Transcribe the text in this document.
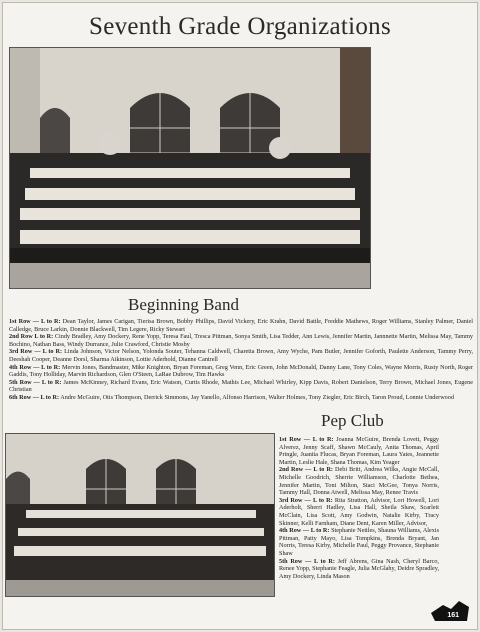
Seventh Grade Organizations
Beginning Band
1st Row — L to R: Dean Taylor, James Carigan, Tierisa Brown, Bobby Phillips, David Vickery, Eric Krahn, David Battle, Freddie Mathews, Roger Williams, Stanley Palmer, Daniel Calledge, Bruce Larkin, Donnie Blackwell, Tim Legere, Ricky Stewart
2nd Row L to R: Cindy Bradley, Amy Dockery, Rene Yopp, Teresa Faul, Tresca Pittman, Sonya Smith, Lisa Tedder, Ann Lewis, Jennifer Martin, Jannnette Martin, Melissa May, Tammy Bochino, Nathan Bass, Windy Durrance, Julie Crawford, Christie Mosby
3rd Row — L to R: Linda Johnson, Victor Nelson, Yolonda Souter, Tehanna Caldwell, Charetta Brown, Amy Wyche, Pam Butler, Jennifer Goforth, Paulette Anderson, Tammy Perry, Deeshah Cooper, Deanne Dorsl, Sharma Atkinson, Lottie Aderhold, Dianne Cantrell
4th Row — L to R: Mervin Jones, Bandmaster, Mike Knighton, Bryan Foreman, Greg Venn, Eric Green, John McDonald, Danny Lane, Tony Coles, Wayne Morris, Rusty North, Roger Gaddis, Tony Holliday, Marvin Richardson, Glen O'Steen, LaRae Dubrow, Tim Hawks
5th Row — L to R: James McKinney, Richard Evans, Eric Watson, Curtis Rhode, Mathis Lee, Michael Whirley, Kipp Davis, Robert Danielson, Terry Brown, Michael Jones, Eugene Christian
6th Row — L to R: Andre McGuire, Otis Thompson, Derrick Simmons, Jay Yanello, Alfonso Harrison, Walter Holmes, Tony Ziegler, Eric Birch, Taron Proud, Lonnie Underwood
Pep Club
1st Row — L to R: Joanna McGuire, Brenda Lovett, Peggy Alverez, Jenny Scaff, Shawn McCauly, Anita Thomas, April Pringle, Juanita Flucas, Bryan Foreman, Laura Yates, Jeannette Martin, Leslie Hale, Shana Thomas, Kim Yeager
2nd Row — L to R: Debi Britt, Andrea Wilks, Angie McCall, Michelle Goodrich, Sherrie Williamson, Charlotte Bethea, Jennifer Martin, Toni Milton, Staci McGee, Tonya Norris, Tammy Hall, Donna Atwell, Melissa May, Renee Travis
3rd Row — L to R: Rita Stratton, Advisor, Lori Howell, Lori Aderholt, Sherri Hadley, Lisa Hall, Sheila Shaw, Scarlett McClain, Lisa Scott, Amy Godwin, Natalie Kirby, Tracy Skinner, Kelli Farnham, Diane Dent, Karen Miller, Advisor,
4th Row — L to R: Stephanie Nettles, Shauna Williams, Alexis Pittman, Patty Mayo, Lisa Tompkins, Brenda Bryant, Jan Norris, Teresa Kirby, Michelle Paul, Peggy Provance, Stephanie Shaw
5th Row — L to R: Jeff Abrens, Gina Nash, Cheryl Barco, Renee Yopp, Stephanie Feagle, Julia McGlahy, Deidre Spradley, Amy Dockery, Linda Mason
161
